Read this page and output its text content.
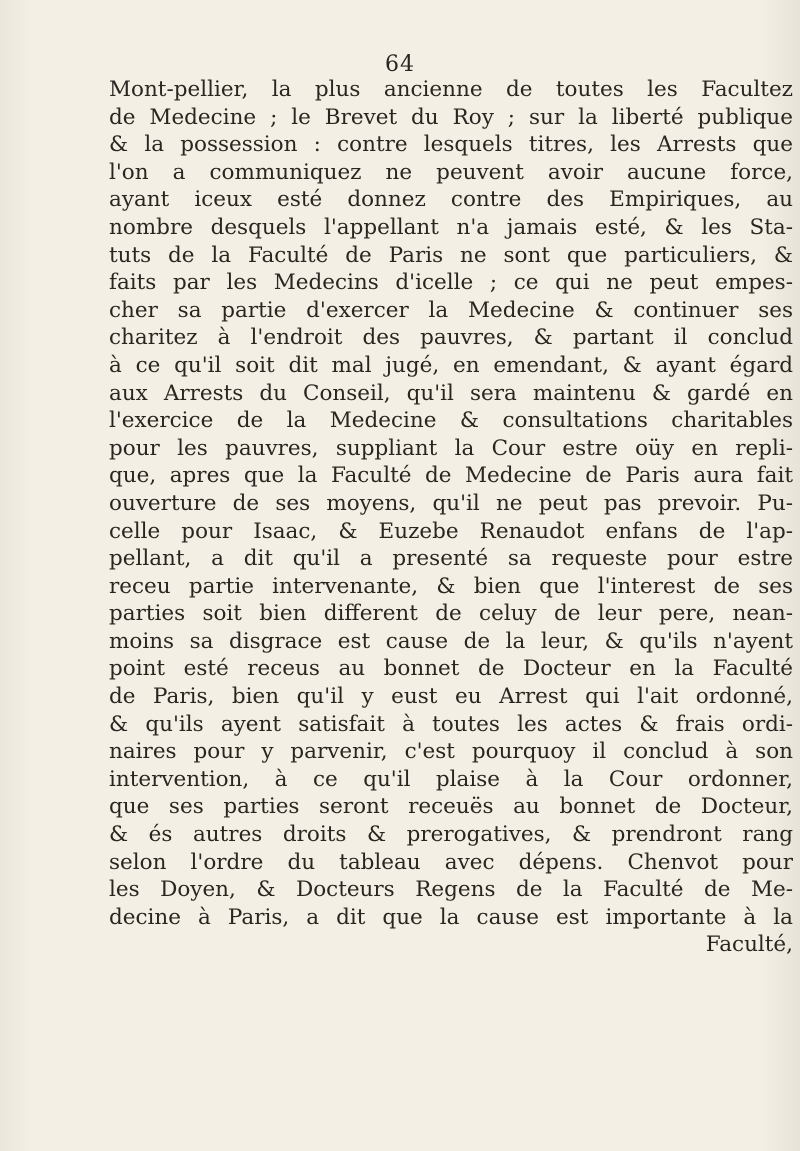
64
Mont-pellier, la plus ancienne de toutes les Facultez
de Medecine ; le Brevet du Roy ; sur la liberté publique
& la possession : contre lesquels titres, les Arrests que
l'on a communiquez ne peuvent avoir aucune force,
ayant iceux esté donnez contre des Empiriques, au
nombre desquels l'appellant n'a jamais esté, & les Sta-
tuts de la Faculté de Paris ne sont que particuliers, &
faits par les Medecins d'icelle ; ce qui ne peut empes-
cher sa partie d'exercer la Medecine & continuer ses
charitez à l'endroit des pauvres, & partant il conclud
à ce qu'il soit dit mal jugé, en emendant, & ayant égard
aux Arrests du Conseil, qu'il sera maintenu & gardé en
l'exercice de la Medecine & consultations charitables
pour les pauvres, suppliant la Cour estre oüy en repli-
que, apres que la Faculté de Medecine de Paris aura fait
ouverture de ses moyens, qu'il ne peut pas prevoir. Pu-
celle pour Isaac, & Euzebe Renaudot enfans de l'ap-
pellant, a dit qu'il a presenté sa requeste pour estre
receu partie intervenante, & bien que l'interest de ses
parties soit bien different de celuy de leur pere, nean-
moins sa disgrace est cause de la leur, & qu'ils n'ayent
point esté receus au bonnet de Docteur en la Faculté
de Paris, bien qu'il y eust eu Arrest qui l'ait ordonné,
& qu'ils ayent satisfait à toutes les actes & frais ordi-
naires pour y parvenir, c'est pourquoy il conclud à son
intervention, à ce qu'il plaise à la Cour ordonner,
que ses parties seront receuës au bonnet de Docteur,
& és autres droits & prerogatives, & prendront rang
selon l'ordre du tableau avec dépens. Chenvot pour
les Doyen, & Docteurs Regens de la Faculté de Me-
decine à Paris, a dit que la cause est importante à la
Faculté,
